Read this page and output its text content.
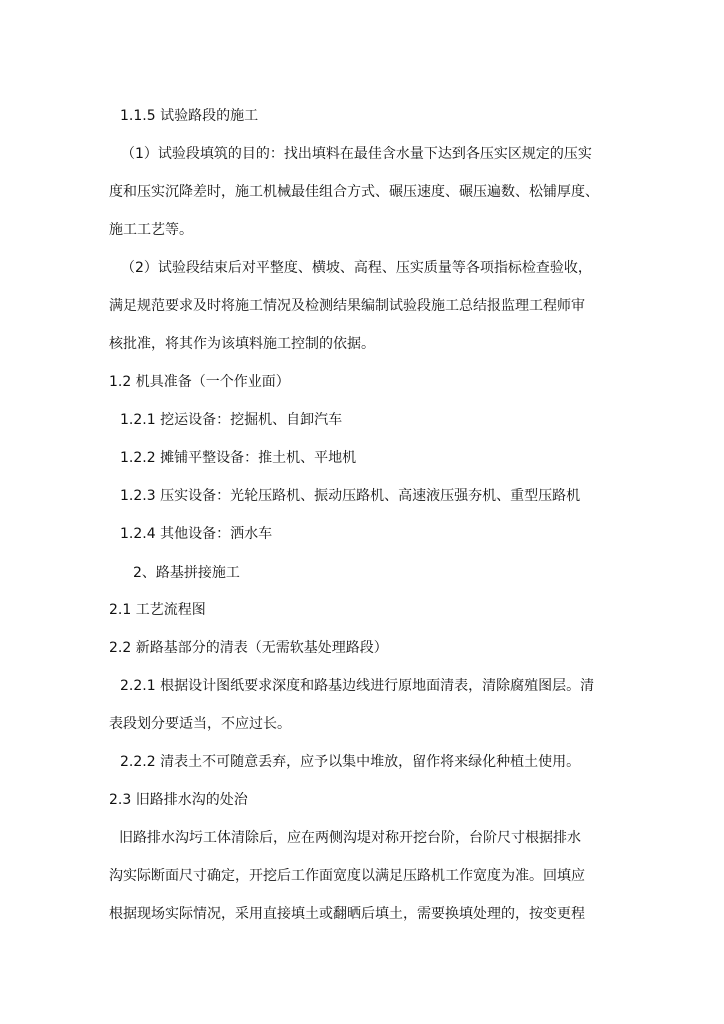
1.1.5 试验路段的施工
（1）试验段填筑的目的：找出填料在最佳含水量下达到各压实区规定的压实
度和压实沉降差时，施工机械最佳组合方式、碾压速度、碾压遍数、松铺厚度、
施工工艺等。
（2）试验段结束后对平整度、横坡、高程、压实质量等各项指标检查验收，
满足规范要求及时将施工情况及检测结果编制试验段施工总结报监理工程师审
核批准，将其作为该填料施工控制的依据。
1.2 机具准备（一个作业面）
1.2.1 挖运设备：挖掘机、自卸汽车
1.2.2 摊铺平整设备：推土机、平地机
1.2.3 压实设备：光轮压路机、振动压路机、高速液压强夯机、重型压路机
1.2.4 其他设备：洒水车
2、路基拼接施工
2.1 工艺流程图
2.2 新路基部分的清表（无需软基处理路段）
2.2.1 根据设计图纸要求深度和路基边线进行原地面清表，清除腐殖图层。清
表段划分要适当，不应过长。
2.2.2 清表土不可随意丢弃，应予以集中堆放，留作将来绿化种植土使用。
2.3 旧路排水沟的处治
旧路排水沟圬工体清除后，应在两侧沟堤对称开挖台阶，台阶尺寸根据排水
沟实际断面尺寸确定，开挖后工作面宽度以满足压路机工作宽度为准。回填应
根据现场实际情况，采用直接填土或翻晒后填土，需要换填处理的，按变更程
